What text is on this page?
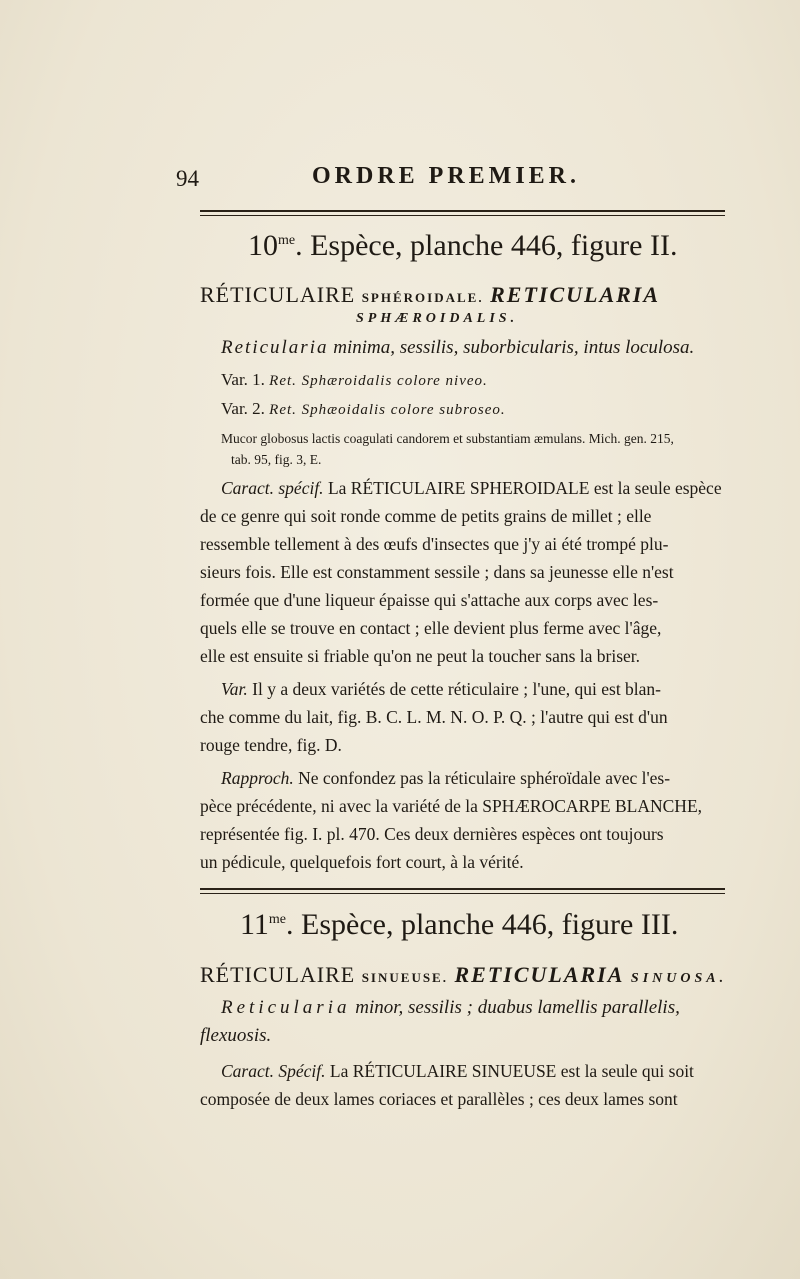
94	ORDRE PREMIER.
$10^{me}$. Espèce, planche 446, figure II.
RÉTICULAIRE SPHÉROIDALE. RETICULARIA
SPHÆROIDALIS.
Reticularia minima, sessilis, suborbicularis, intus loculosa.
Var. 1. Ret. Sphæroidalis colore niveo.
Var. 2. Ret. Sphæoidalis colore subroseo.
Mucor globosus lactis coagulati candorem et substantiam æmulans. Mich. gen. 215,
tab. 95, fig. 3, E.
Caract. spécif. La RÉTICULAIRE SPHEROIDALE est la seule espèce
de ce genre qui soit ronde comme de petits grains de millet ; elle
ressemble tellement à des œufs d'insectes que j'y ai été trompé plu-
sieurs fois. Elle est constamment sessile ; dans sa jeunesse elle n'est
formée que d'une liqueur épaisse qui s'attache aux corps avec les-
quels elle se trouve en contact ; elle devient plus ferme avec l'âge,
elle est ensuite si friable qu'on ne peut la toucher sans la briser.
Var. Il y a deux variétés de cette réticulaire ; l'une, qui est blan-
che comme du lait, fig. B. C. L. M. N. O. P. Q. ; l'autre qui est d'un
rouge tendre, fig. D.
Rapproch. Ne confondez pas la réticulaire sphéroïdale avec l'es-
pèce précédente, ni avec la variété de la SPHÆROCARPE BLANCHE,
représentée fig. I. pl. 470. Ces deux dernières espèces ont toujours
un pédicule, quelquefois fort court, à la vérité.
$11^{me}$. Espèce, planche 446, figure III.
RÉTICULAIRE SINUEUSE. RETICULARIA SINUOSA.
Reticularia minor, sessilis ; duabus lamellis parallelis,
flexuosis.
Caract. Spécif. La RÉTICULAIRE SINUEUSE est la seule qui soit
composée de deux lames coriaces et parallèles ; ces deux lames sont
